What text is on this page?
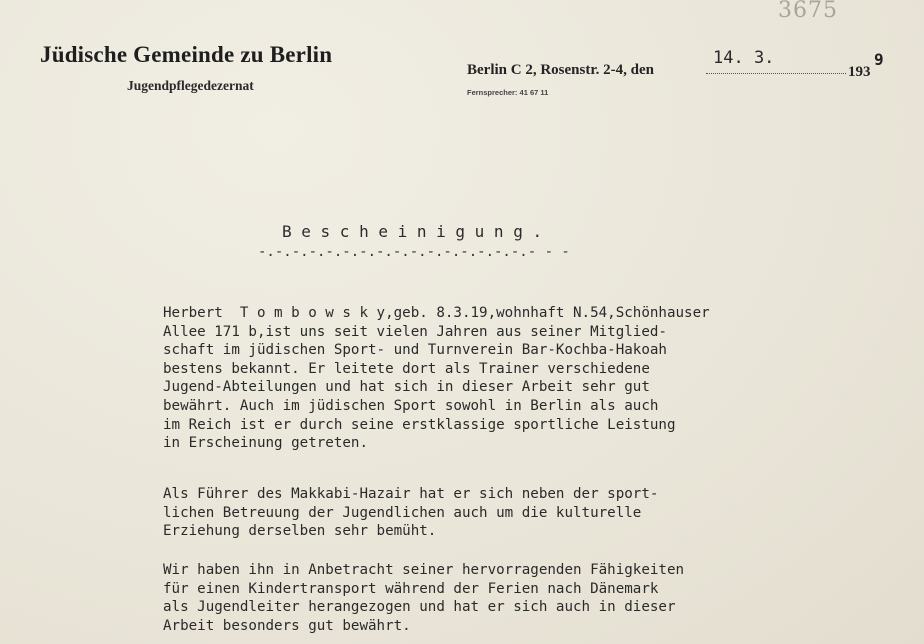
3675
Jüdische Gemeinde zu Berlin
Jugendpflegedezernat
Berlin C 2, Rosenstr. 2-4, den
Fernsprecher: 41 67 11
14. 3.
193
9
B e s c h e i n i g u n g .
-.-.-.-.-.-.-.-.-.-.-.-.-.-.-.-.- - -
Herbert  T o m b o w s k y,geb. 8.3.19,wohnhaft N.54,Schönhauser
Allee 171 b,ist uns seit vielen Jahren aus seiner Mitglied-
schaft im jüdischen Sport- und Turnverein Bar-Kochba-Hakoah
bestens bekannt. Er leitete dort als Trainer verschiedene
Jugend-Abteilungen und hat sich in dieser Arbeit sehr gut
bewährt. Auch im jüdischen Sport sowohl in Berlin als auch
im Reich ist er durch seine erstklassige sportliche Leistung
in Erscheinung getreten.
Als Führer des Makkabi-Hazair hat er sich neben der sport-
lichen Betreuung der Jugendlichen auch um die kulturelle
Erziehung derselben sehr bemüht.
Wir haben ihn in Anbetracht seiner hervorragenden Fähigkeiten
für einen Kindertransport während der Ferien nach Dänemark
als Jugendleiter herangezogen und hat er sich auch in dieser
Arbeit besonders gut bewährt.
